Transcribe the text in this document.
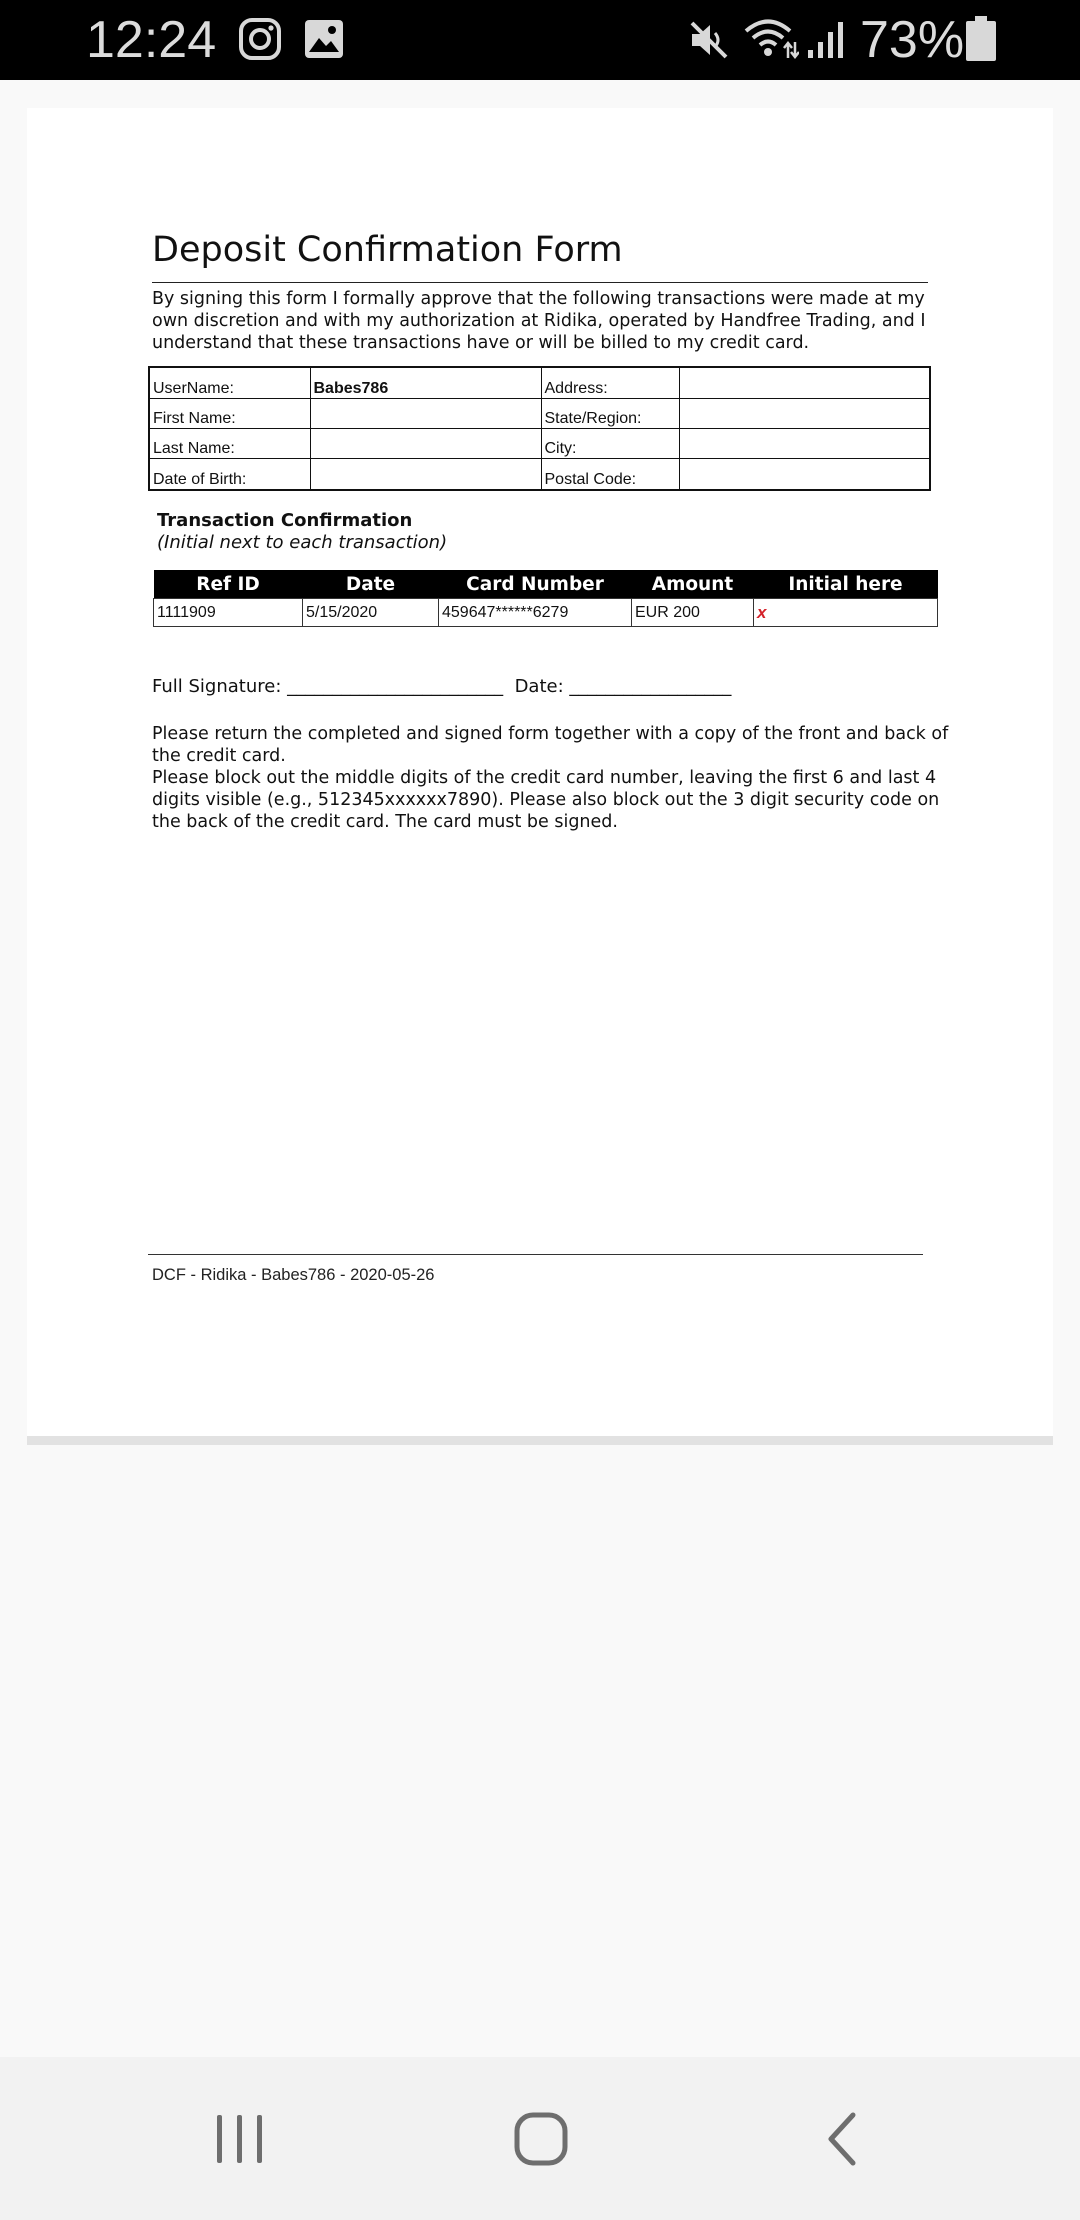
12:24	73%
Deposit Confirmation Form
By signing this form I formally approve that the following transactions were made at my own discretion and with my authorization at Ridika, operated by Handfree Trading, and I understand that these transactions have or will be billed to my credit card.
UserName:	Babes786	Address:	
First Name:		State/Region:	
Last Name:		City:	
Date of Birth:		Postal Code:	
Transaction Confirmation
(Initial next to each transaction)
Ref ID	Date	Card Number	Amount	Initial here
1111909	5/15/2020	459647******6279	EUR 200	x
Full Signature: ________________________  Date: __________________

Please return the completed and signed form together with a copy of the front and back of the credit card.

Please block out the middle digits of the credit card number, leaving the first 6 and last 4 digits visible (e.g., 512345xxxxxx7890). Please also block out the 3 digit security code on the back of the credit card. The card must be signed.

DCF - Ridika - Babes786 - 2020-05-26
